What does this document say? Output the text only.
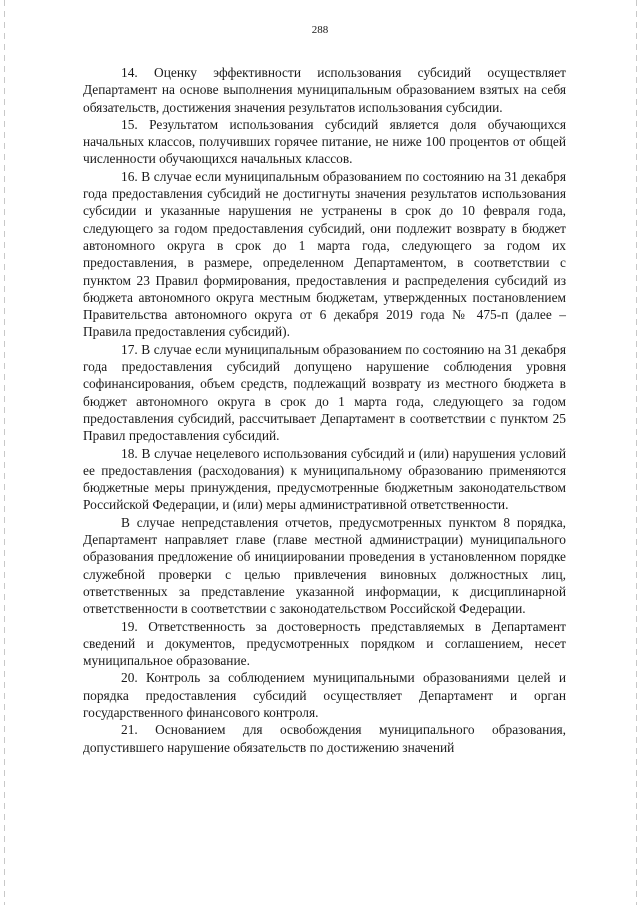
288

14. Оценку эффективности использования субсидий осуществляет Департамент на основе выполнения муниципальным образованием взятых на себя обязательств, достижения значения результатов использования субсидии.

15. Результатом использования субсидий является доля обучающихся начальных классов, получивших горячее питание, не ниже 100 процентов от общей численности обучающихся начальных классов.

16. В случае если муниципальным образованием по состоянию на 31 декабря года предоставления субсидий не достигнуты значения результатов использования субсидии и указанные нарушения не устранены в срок до 10 февраля года, следующего за годом предоставления субсидий, они подлежит возврату в бюджет автономного округа в срок до 1 марта года, следующего за годом их предоставления, в размере, определенном Департаментом, в соответствии с пунктом 23 Правил формирования, предоставления и распределения субсидий из бюджета автономного округа местным бюджетам, утвержденных постановлением Правительства автономного округа от 6 декабря 2019 года № 475-п (далее – Правила предоставления субсидий).

17. В случае если муниципальным образованием по состоянию на 31 декабря года предоставления субсидий допущено нарушение соблюдения уровня софинансирования, объем средств, подлежащий возврату из местного бюджета в бюджет автономного округа в срок до 1 марта года, следующего за годом предоставления субсидий, рассчитывает Департамент в соответствии с пунктом 25 Правил предоставления субсидий.

18. В случае нецелевого использования субсидий и (или) нарушения условий ее предоставления (расходования) к муниципальному образованию применяются бюджетные меры принуждения, предусмотренные бюджетным законодательством Российской Федерации, и (или) меры административной ответственности.

В случае непредставления отчетов, предусмотренных пунктом 8 порядка, Департамент направляет главе (главе местной администрации) муниципального образования предложение об инициировании проведения в установленном порядке служебной проверки с целью привлечения виновных должностных лиц, ответственных за представление указанной информации, к дисциплинарной ответственности в соответствии с законодательством Российской Федерации.

19. Ответственность за достоверность представляемых в Департамент сведений и документов, предусмотренных порядком и соглашением, несет муниципальное образование.

20. Контроль за соблюдением муниципальными образованиями целей и порядка предоставления субсидий осуществляет Департамент и орган государственного финансового контроля.

21. Основанием для освобождения муниципального образования, допустившего нарушение обязательств по достижению значений
